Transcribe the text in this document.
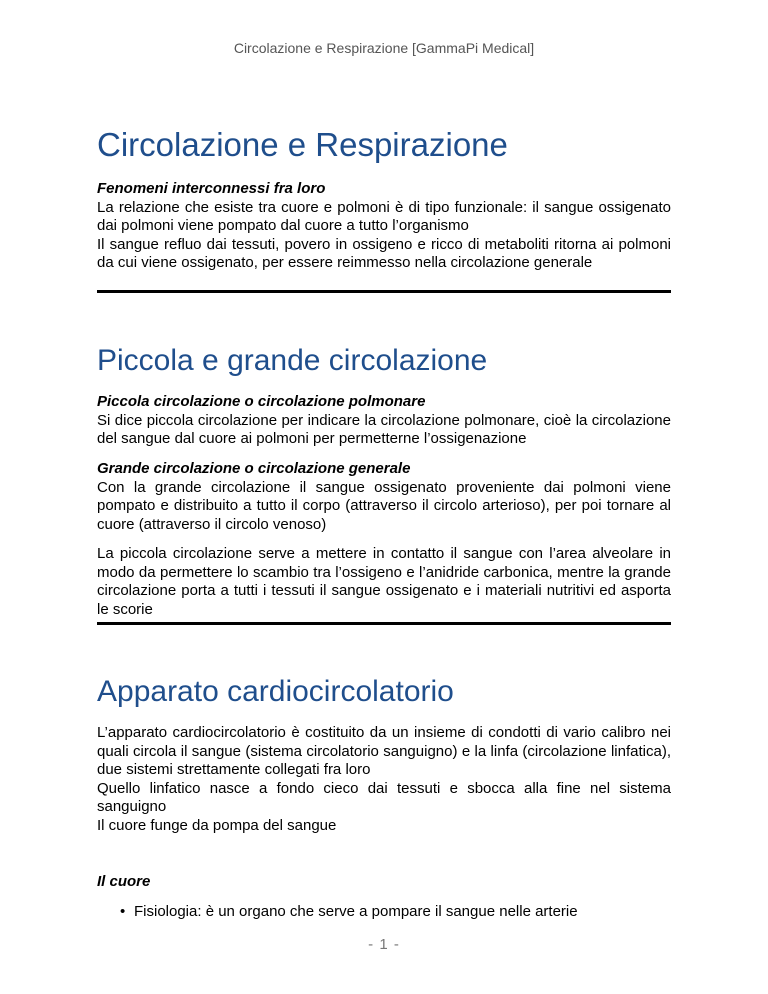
Circolazione e Respirazione [GammaPi Medical]
Circolazione e Respirazione
Fenomeni interconnessi fra loro
La relazione che esiste tra cuore e polmoni è di tipo funzionale: il sangue ossigenato dai polmoni viene pompato dal cuore a tutto l’organismo
Il sangue refluo dai tessuti, povero in ossigeno e ricco di metaboliti ritorna ai polmoni da cui viene ossigenato, per essere reimmesso nella circolazione generale
Piccola e grande circolazione
Piccola circolazione o circolazione polmonare
Si dice piccola circolazione per indicare la circolazione polmonare, cioè la circolazione del sangue dal cuore ai polmoni per permetterne l’ossigenazione
Grande circolazione o circolazione generale
Con la grande circolazione il sangue ossigenato proveniente dai polmoni viene pompato e distribuito a tutto il corpo (attraverso il circolo arterioso), per poi tornare al cuore (attraverso il circolo venoso)
La piccola circolazione serve a mettere in contatto il sangue con l’area alveolare in modo da permettere lo scambio tra l’ossigeno e l’anidride carbonica, mentre la grande circolazione porta a tutti i tessuti il sangue ossigenato e i materiali nutritivi ed asporta le scorie
Apparato cardiocircolatorio
L’apparato cardiocircolatorio è costituito da un insieme di condotti di vario calibro nei quali circola il sangue (sistema circolatorio sanguigno) e la linfa (circolazione linfatica), due sistemi strettamente collegati fra loro
Quello linfatico nasce a fondo cieco dai tessuti e sbocca alla fine nel sistema sanguigno
Il cuore funge da pompa del sangue
Il cuore
• Fisiologia: è un organo che serve a pompare il sangue nelle arterie
- 1 -
